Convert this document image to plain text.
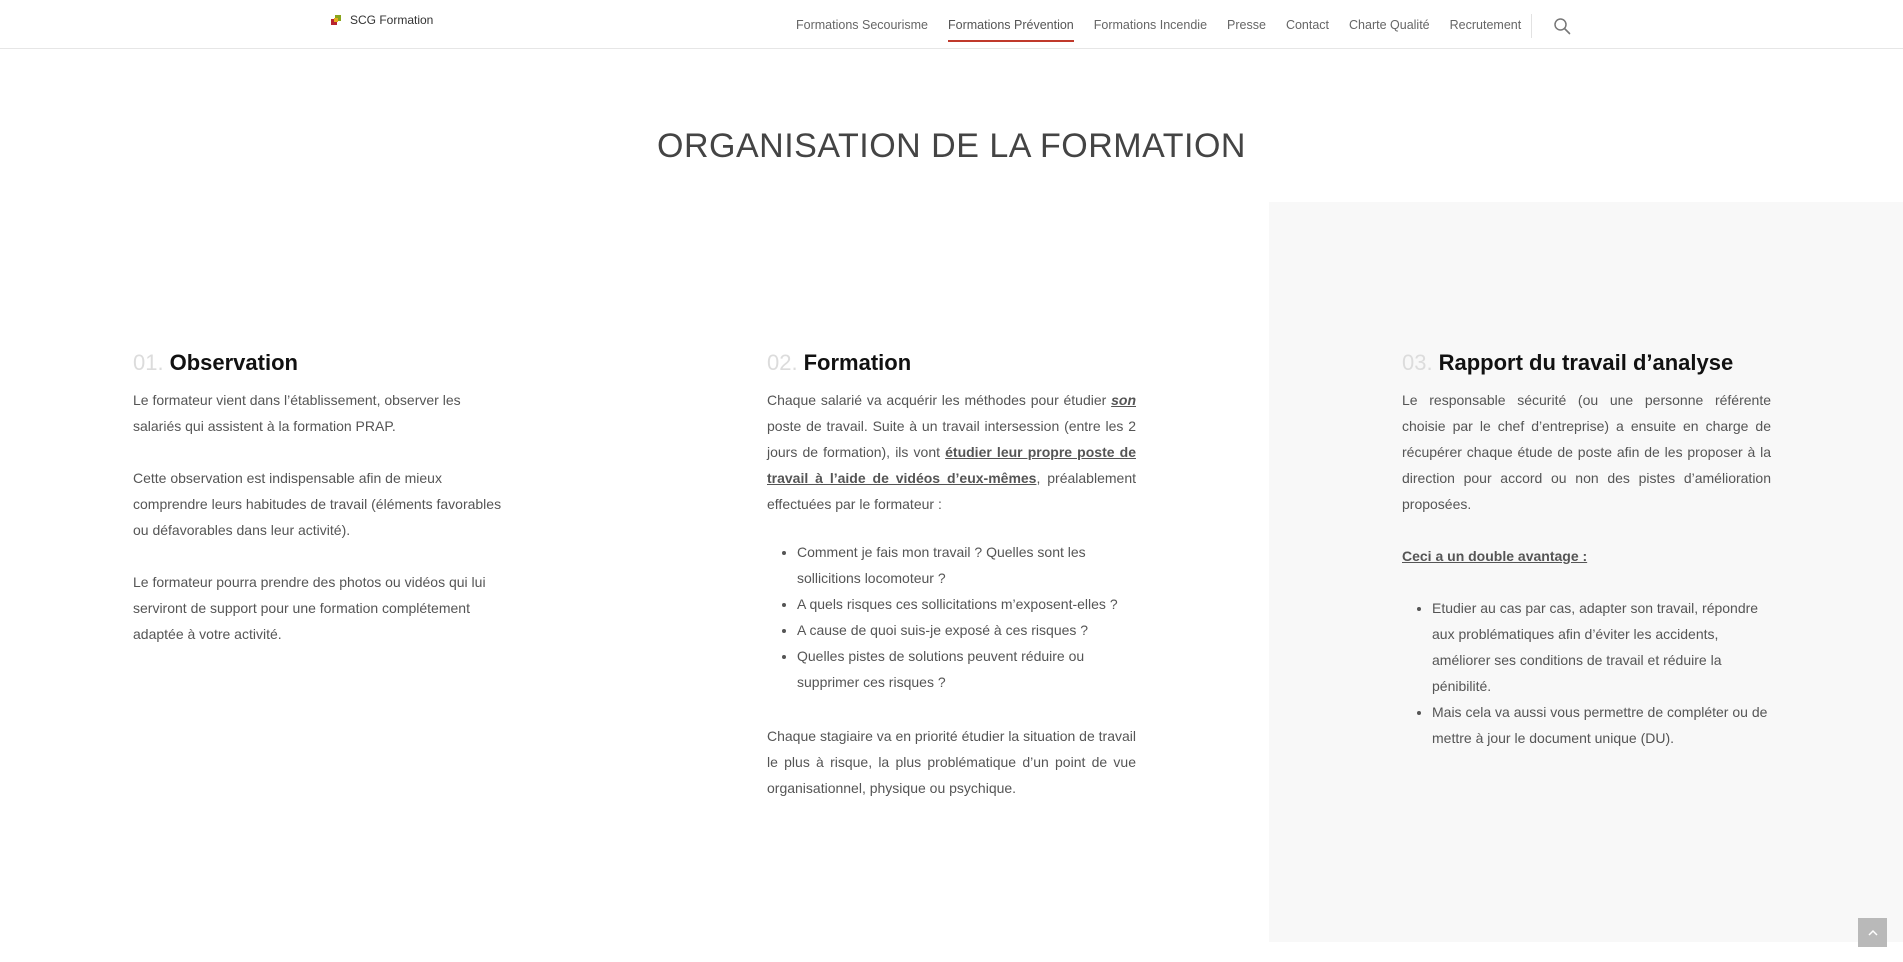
SCG Formation	Formations Secourisme Formations Prévention Formations Incendie Presse Contact Charte Qualité Recrutement
ORGANISATION DE LA FORMATION
01. Observation

Le formateur vient dans l’établissement, observer les salariés qui assistent à la formation PRAP.

Cette observation est indispensable afin de mieux comprendre leurs habitudes de travail (éléments favorables ou défavorables dans leur activité).

Le formateur pourra prendre des photos ou vidéos qui lui serviront de support pour une formation complétement adaptée à votre activité.

02. Formation

Chaque salarié va acquérir les méthodes pour étudier son poste de travail. Suite à un travail intersession (entre les 2 jours de formation), ils vont étudier leur propre poste de travail à l’aide de vidéos d’eux-mêmes, préalablement effectuées par le formateur :

• Comment je fais mon travail ? Quelles sont les sollicitions locomoteur ?
• A quels risques ces sollicitations m’exposent-elles ?
• A cause de quoi suis-je exposé à ces risques ?
• Quelles pistes de solutions peuvent réduire ou supprimer ces risques ?

Chaque stagiaire va en priorité étudier la situation de travail le plus à risque, la plus problématique d’un point de vue organisationnel, physique ou psychique.

03. Rapport du travail d’analyse

Le responsable sécurité (ou une personne référente choisie par le chef d’entreprise) a ensuite en charge de récupérer chaque étude de poste afin de les proposer à la direction pour accord ou non des pistes d’amélioration proposées.

Ceci a un double avantage :

• Etudier au cas par cas, adapter son travail, répondre aux problématiques afin d’éviter les accidents, améliorer ses conditions de travail et réduire la pénibilité.
• Mais cela va aussi vous permettre de compléter ou de mettre à jour le document unique (DU).
